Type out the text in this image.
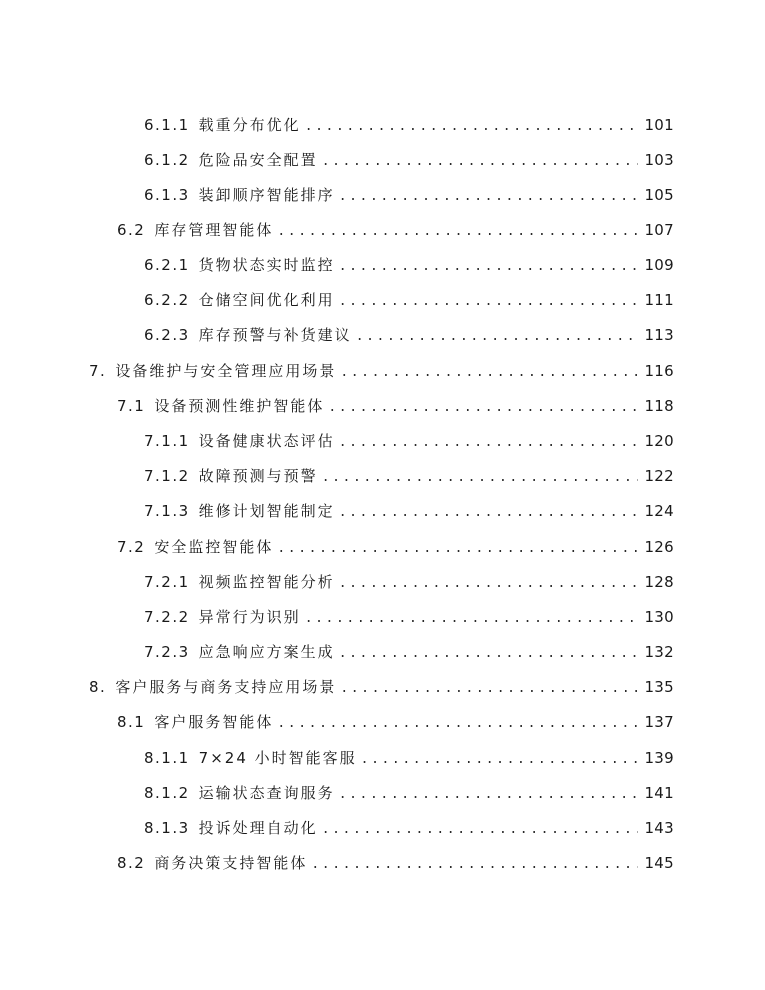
6.1.1 载重分布优化 .....	101
6.1.2 危险品安全配置 .....	103
6.1.3 装卸顺序智能排序 .....	105
6.2 库存管理智能体 .....	107
6.2.1 货物状态实时监控 .....	109
6.2.2 仓储空间优化利用 .....	111
6.2.3 库存预警与补货建议 .....	113
7. 设备维护与安全管理应用场景 .....	116
7.1 设备预测性维护智能体 .....	118
7.1.1 设备健康状态评估 .....	120
7.1.2 故障预测与预警 .....	122
7.1.3 维修计划智能制定 .....	124
7.2 安全监控智能体 .....	126
7.2.1 视频监控智能分析 .....	128
7.2.2 异常行为识别 .....	130
7.2.3 应急响应方案生成 .....	132
8. 客户服务与商务支持应用场景 .....	135
8.1 客户服务智能体 .....	137
8.1.1 7×24 小时智能客服 .....	139
8.1.2 运输状态查询服务 .....	141
8.1.3 投诉处理自动化 .....	143
8.2 商务决策支持智能体 .....	145
